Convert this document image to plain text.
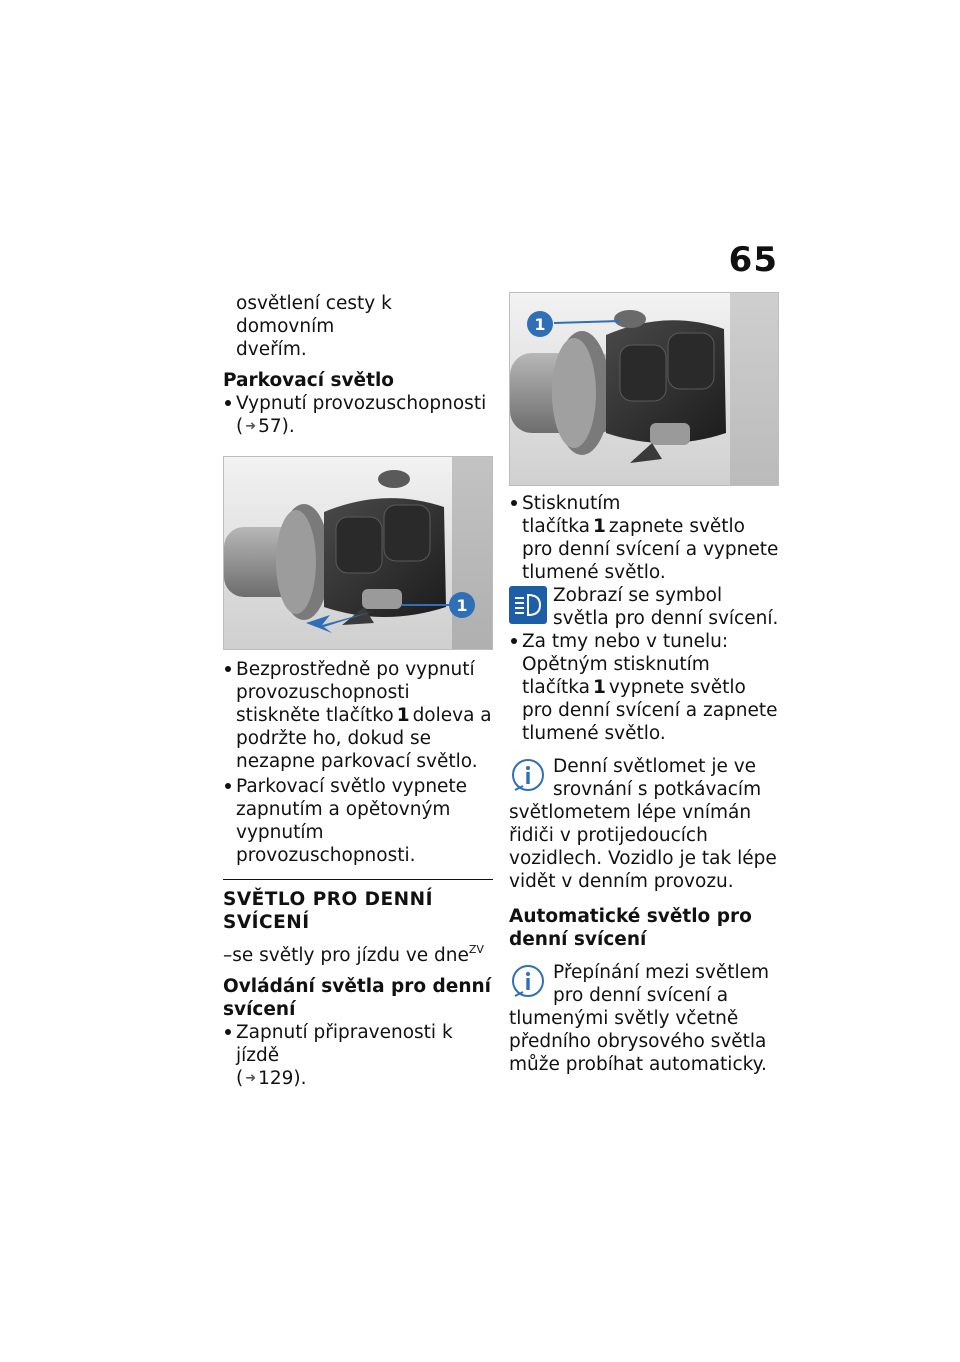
65

osvětlení cesty k domovním
dveřím.

Parkovací světlo

Vypnutí provozuschopnosti
( ➜ 57).
1
Bezprostředně po vypnutí provozuschopnosti stiskněte tlačítko 1 doleva a podržte ho, dokud se nezapne parkovací světlo.
Parkovací světlo vypnete zapnutím a opětovným vypnutím provozuschopnosti.

SVĚTLO PRO DENNÍ SVÍCENÍ

–se světly pro jízdu ve dne$^{ZV}$

Ovládání světla pro denní svícení

Zapnutí připravenosti k jízdě
( ➜ 129).
1
Stisknutím tlačítka 1 zapnete světlo pro denní svícení a vypnete tlumené světlo.
Zobrazí se symbol světla pro denní svícení.
Za tmy nebo v tunelu: Opětným stisknutím tlačítka 1 vypnete světlo pro denní svícení a zapnete tlumené světlo.
Denní světlomet je ve srovnání s potkávacím světlometem lépe vnímán řidiči v protijedoucích vozidlech. Vozidlo je tak lépe vidět v denním provozu.

Automatické světlo pro denní svícení

Přepínání mezi světlem pro denní svícení a tlumenými světly včetně předního obrysového světla může probíhat automaticky.
